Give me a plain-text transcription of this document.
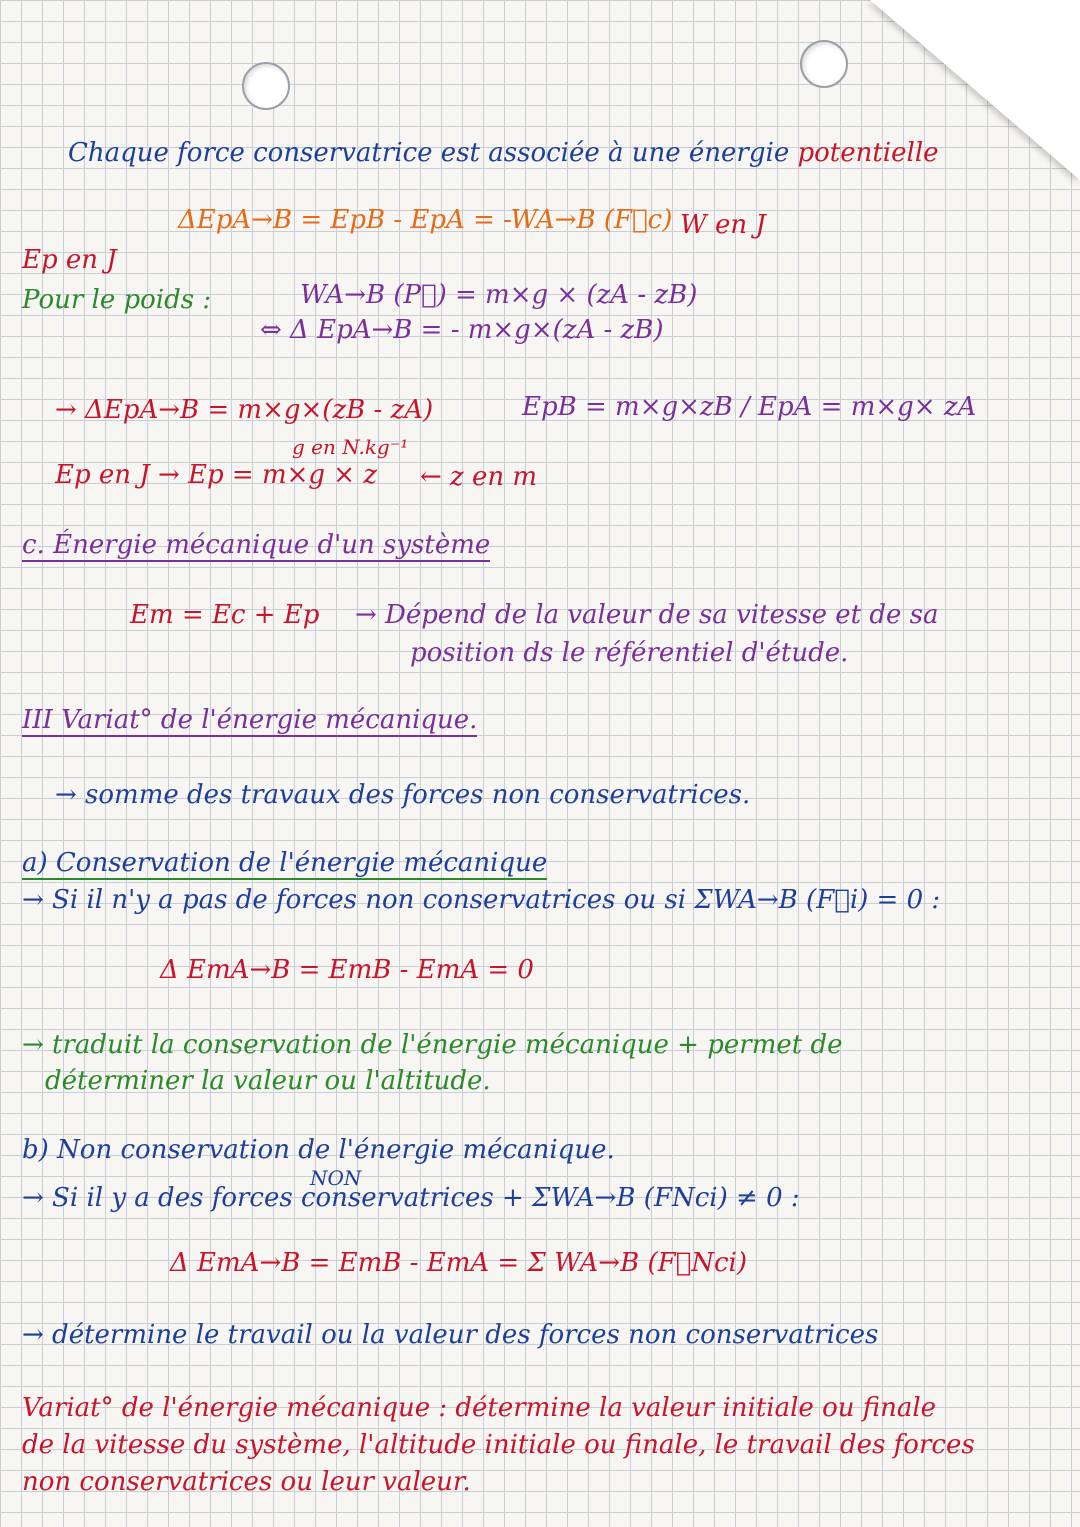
Chaque force conservatrice est associée à une énergie potentielle
ΔEpA→B = EpB - EpA = -WA→B (F⃗c) W en J
Ep en J
Pour le poids :	WA→B (P⃗) = m×g × (zA - zB)
⇔ Δ EpA→B = - m×g×(zA - zB)
→ ΔEpA→B = m×g×(zB - zA)	EpB = m×g×zB / EpA = m×g× zA
g en N.kg⁻¹
Ep en J → Ep = m×g × z ← z en m
c. Énergie mécanique d'un système
Em = Ec + Ep → Dépend de la valeur de sa vitesse et de sa
position ds le référentiel d'étude.
III Variat° de l'énergie mécanique.
→ somme des travaux des forces non conservatrices.
a) Conservation de l'énergie mécanique
→ Si il n'y a pas de forces non conservatrices ou si ΣWA→B (F⃗i) = 0 :
Δ EmA→B = EmB - EmA = 0
→ traduit la conservation de l'énergie mécanique + permet de
déterminer la valeur ou l'altitude.
b) Non conservation de l'énergie mécanique.
NON
→ Si il y a des forces conservatrices + ΣWA→B (FNci) ≠ 0 :
Δ EmA→B = EmB - EmA = Σ WA→B (F⃗Nci)
→ détermine le travail ou la valeur des forces non conservatrices
Variat° de l'énergie mécanique : détermine la valeur initiale ou finale
de la vitesse du système, l'altitude initiale ou finale, le travail des forces
non conservatrices ou leur valeur.
